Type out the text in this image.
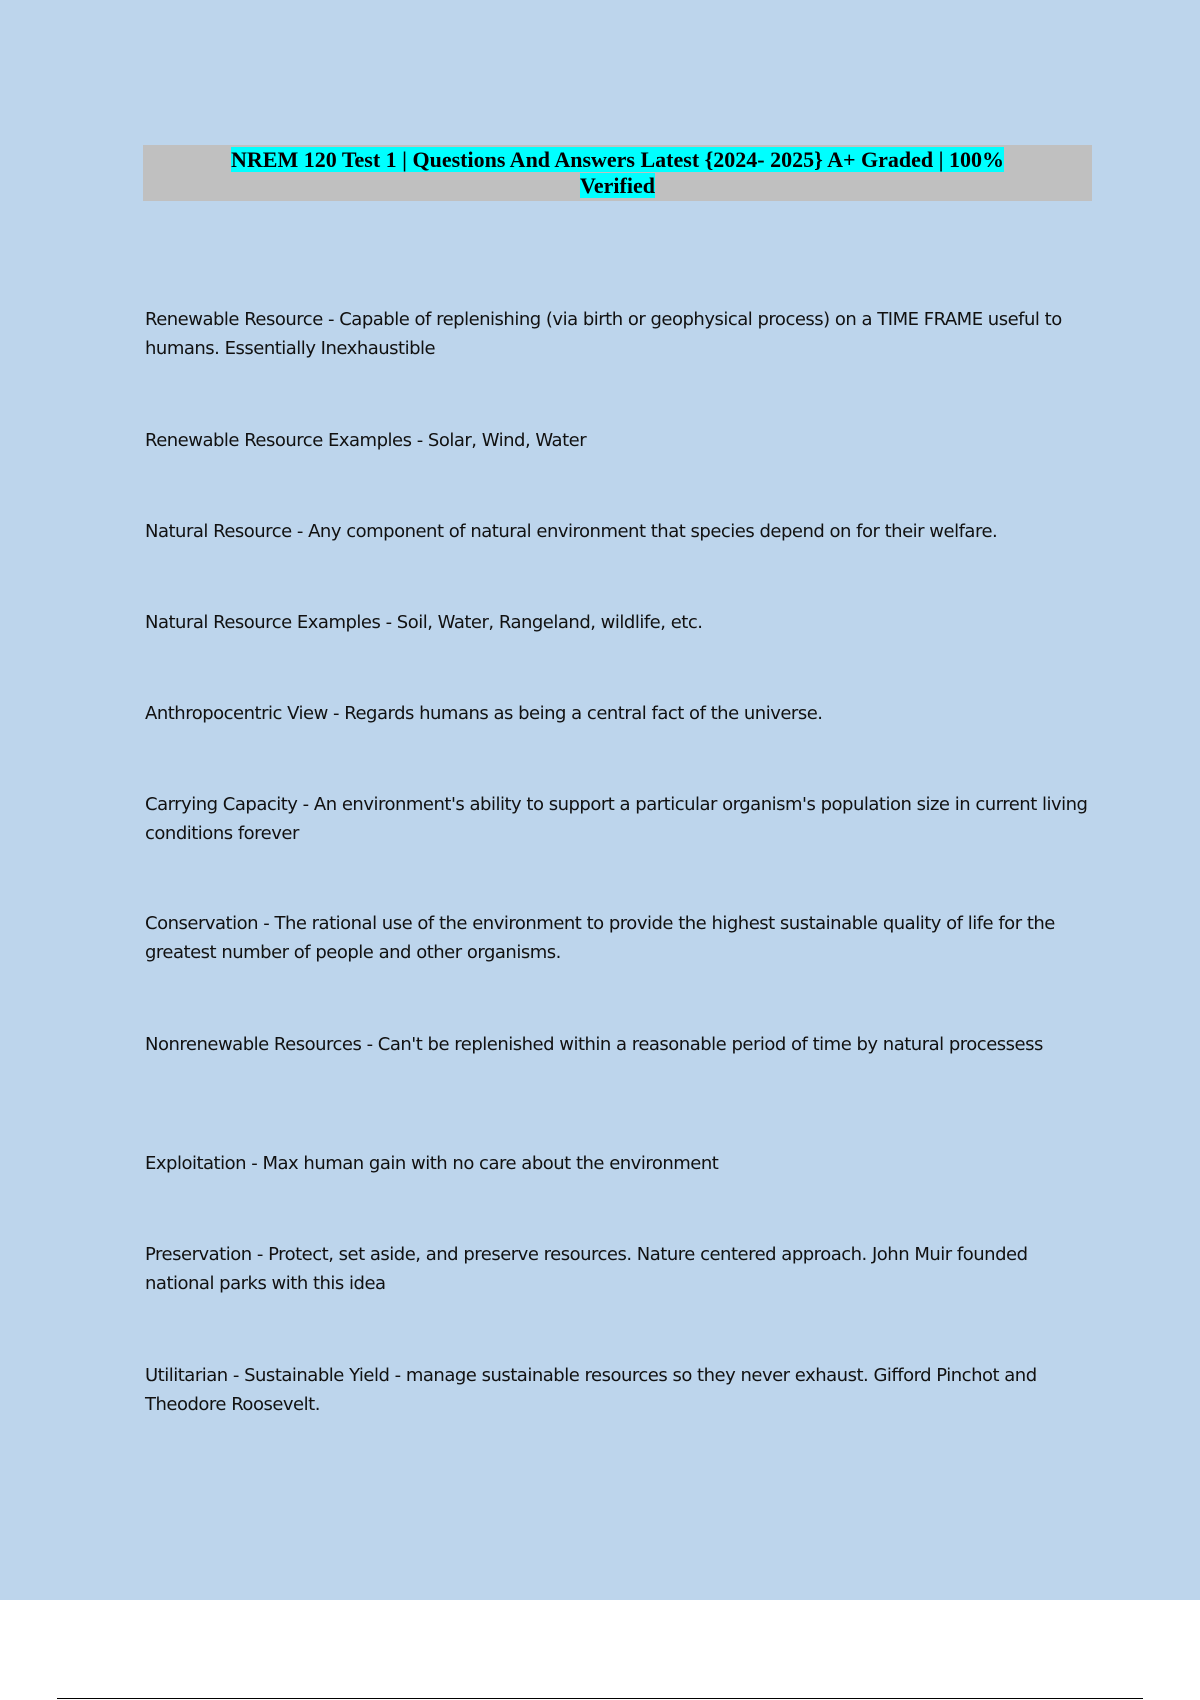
NREM 120 Test 1 | Questions And Answers Latest {2024- 2025} A+ Graded | 100%
Verified
Renewable Resource - Capable of replenishing (via birth or geophysical process) on a TIME FRAME useful to humans. Essentially Inexhaustible
Renewable Resource Examples - Solar, Wind, Water
Natural Resource - Any component of natural environment that species depend on for their welfare.
Natural Resource Examples - Soil, Water, Rangeland, wildlife, etc.
Anthropocentric View - Regards humans as being a central fact of the universe.
Carrying Capacity - An environment's ability to support a particular organism's population size in current living conditions forever
Conservation - The rational use of the environment to provide the highest sustainable quality of life for the greatest number of people and other organisms.
Nonrenewable Resources - Can't be replenished within a reasonable period of time by natural processess
Exploitation - Max human gain with no care about the environment
Preservation - Protect, set aside, and preserve resources. Nature centered approach. John Muir founded national parks with this idea
Utilitarian - Sustainable Yield - manage sustainable resources so they never exhaust. Gifford Pinchot and Theodore Roosevelt.
